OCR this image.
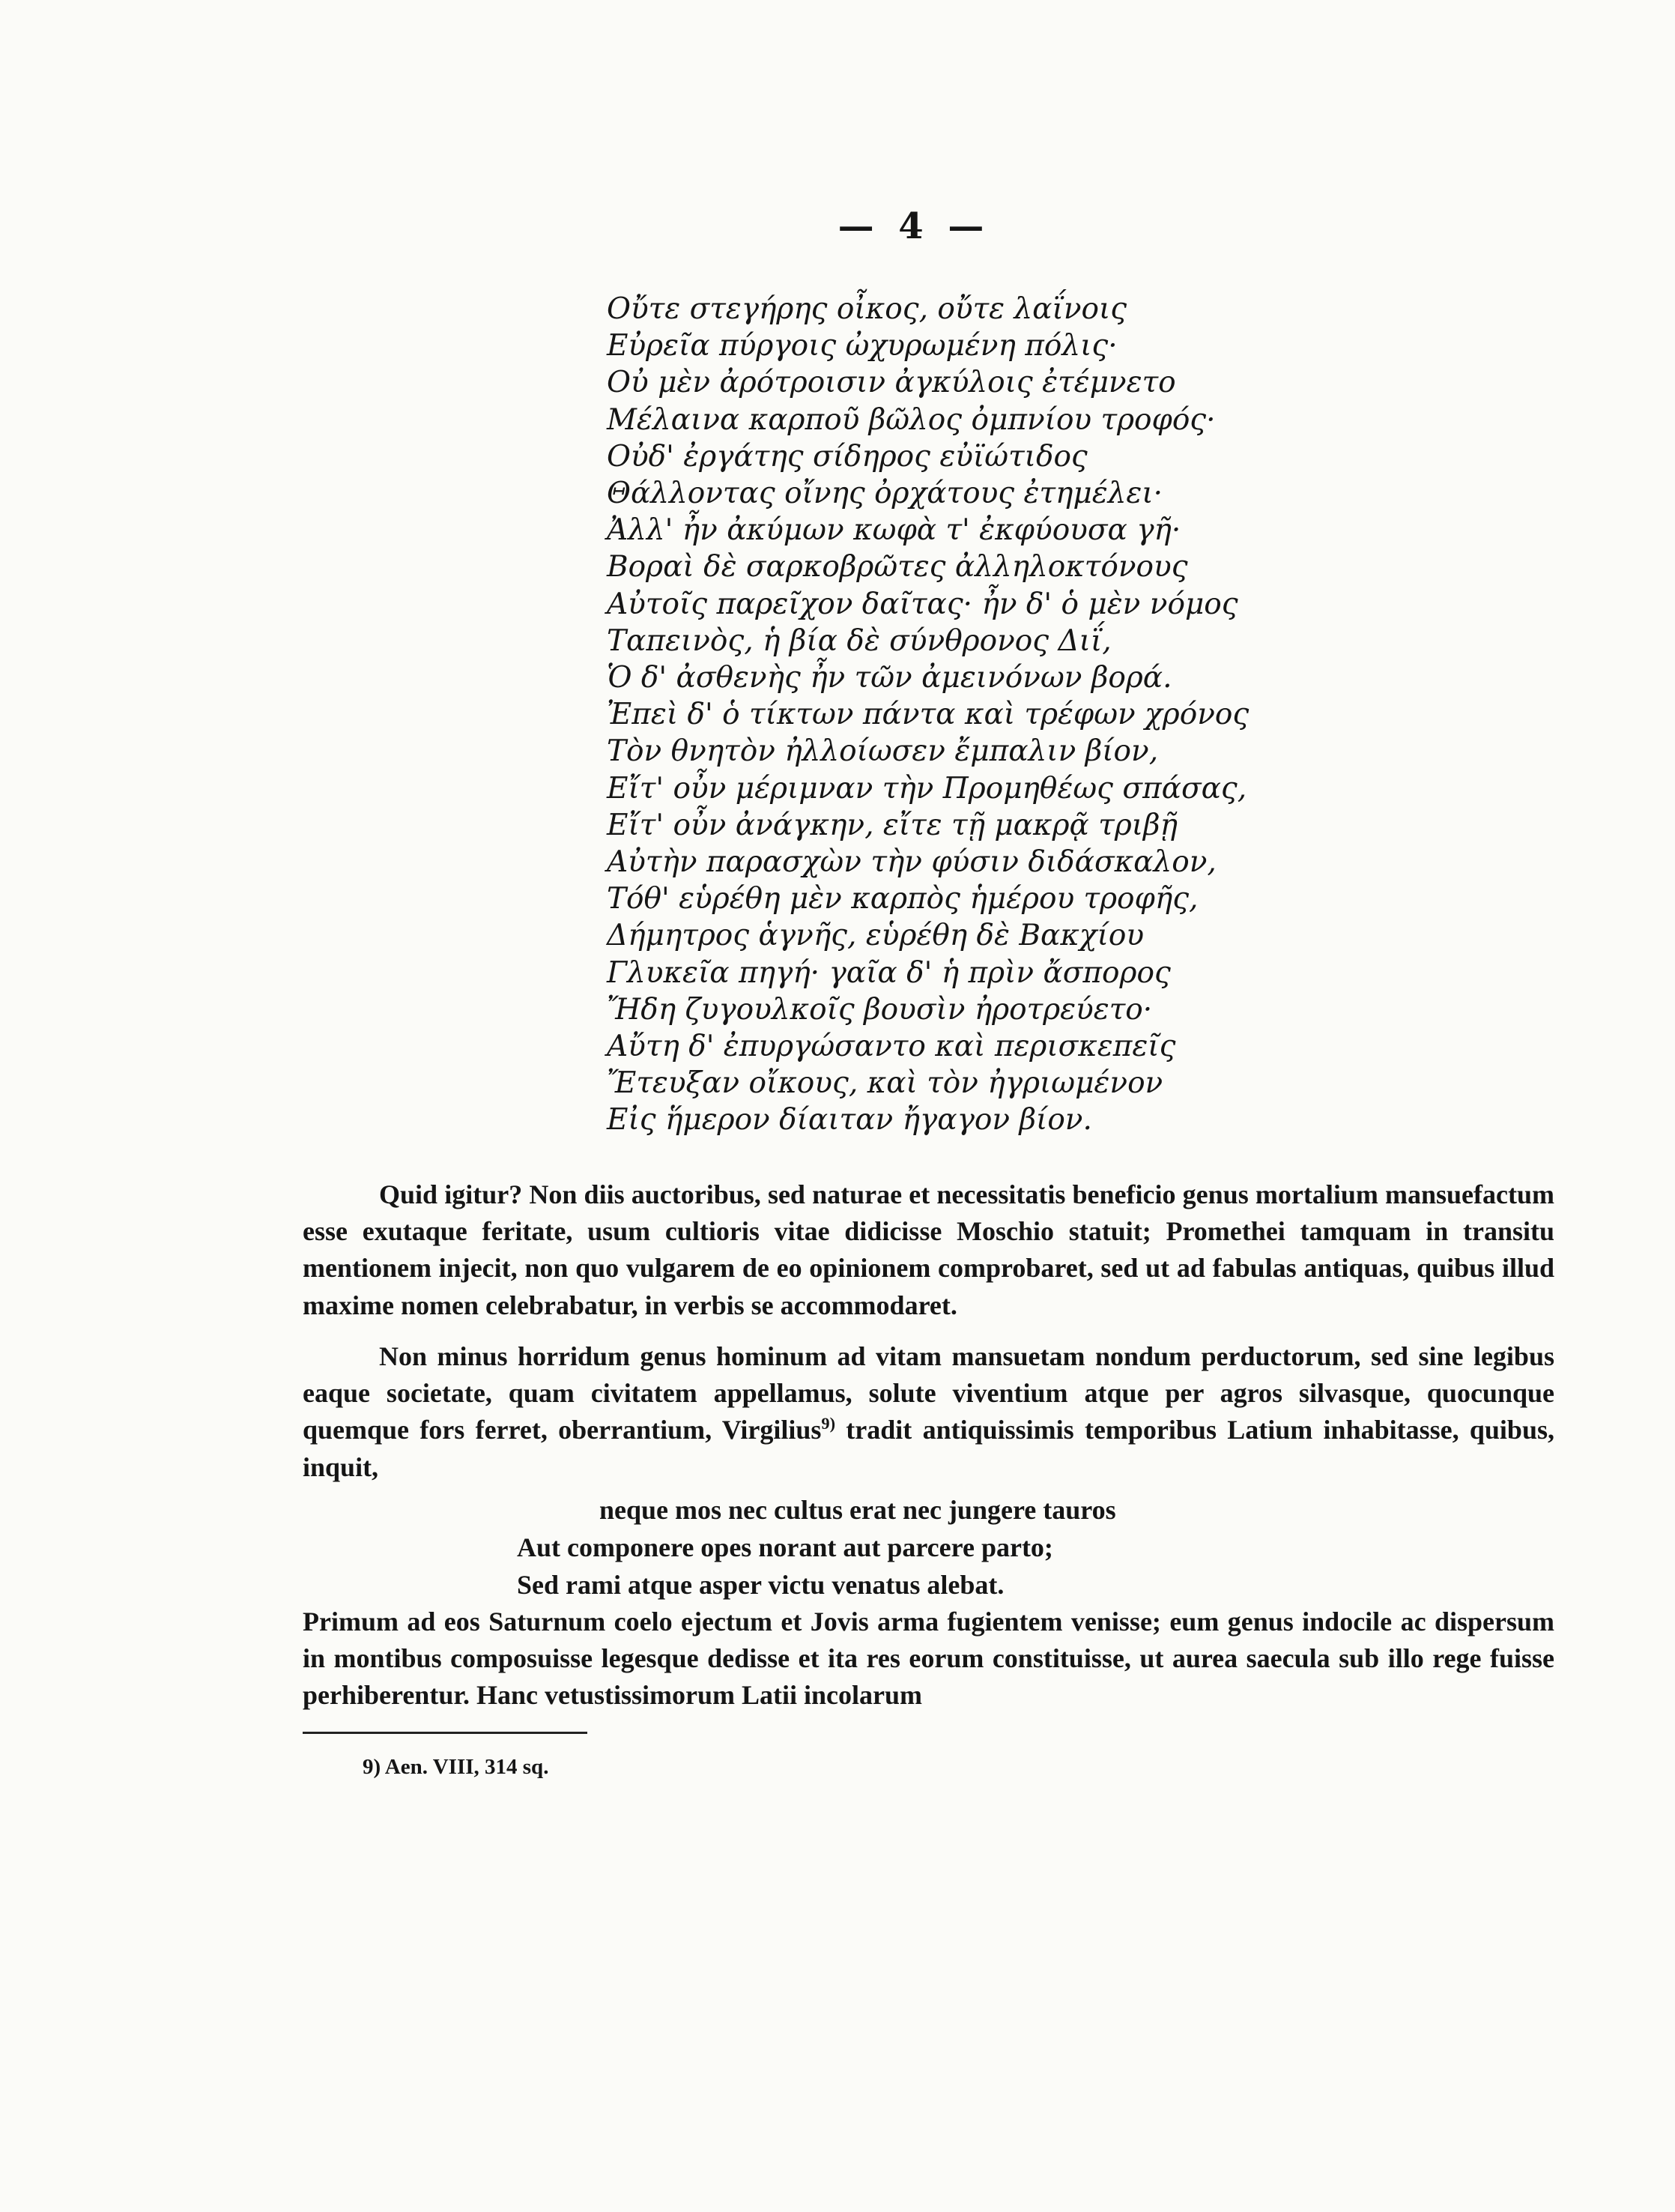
— 4 —
Οὔτε στεγήρης οἶκος, οὔτε λαΐνοις
Εὐρεῖα πύργοις ὠχυρωμένη πόλις·
Οὐ μὲν ἀρότροισιν ἀγκύλοις ἐτέμνετο
Μέλαινα καρποῦ βῶλος ὀμπνίου τροφός·
Οὐδ' ἐργάτης σίδηρος εὐϊώτιδος
Θάλλοντας οἴνης ὀρχάτους ἐτημέλει·
Ἀλλ' ἦν ἀκύμων κωφὰ τ' ἐκφύουσα γῆ·
Βοραὶ δὲ σαρκοβρῶτες ἀλληλοκτόνους
Αὐτοῖς παρεῖχον δαῖτας· ἦν δ' ὁ μὲν νόμος
Ταπεινὸς, ἡ βία δὲ σύνθρονος Διΐ,
Ὁ δ' ἀσθενὴς ἦν τῶν ἀμεινόνων βορά.
Ἐπεὶ δ' ὁ τίκτων πάντα καὶ τρέφων χρόνος
Τὸν θνητὸν ἠλλοίωσεν ἔμπαλιν βίον,
Εἴτ' οὖν μέριμναν τὴν Προμηθέως σπάσας,
Εἴτ' οὖν ἀνάγκην, εἴτε τῇ μακρᾷ τριβῇ
Αὐτὴν παρασχὼν τὴν φύσιν διδάσκαλον,
Τόθ' εὑρέθη μὲν καρπὸς ἡμέρου τροφῆς,
Δήμητρος ἁγνῆς, εὑρέθη δὲ Βακχίου
Γλυκεῖα πηγή· γαῖα δ' ἡ πρὶν ἄσπορος
Ἤδη ζυγουλκοῖς βουσὶν ἠροτρεύετο·
Αὔτη δ' ἐπυργώσαντο καὶ περισκεπεῖς
Ἔτευξαν οἴκους, καὶ τὸν ἠγριωμένον
Εἰς ἥμερον δίαιταν ἤγαγον βίον.

Quid igitur? Non diis auctoribus, sed naturae et necessitatis beneficio genus mortalium mansuefactum esse exutaque feritate, usum cultioris vitae didicisse Moschio statuit; Promethei tamquam in transitu mentionem injecit, non quo vulgarem de eo opinionem comprobaret, sed ut ad fabulas antiquas, quibus illud maxime nomen celebrabatur, in verbis se accommodaret.

Non minus horridum genus hominum ad vitam mansuetam nondum perductorum, sed sine legibus eaque societate, quam civitatem appellamus, solute viventium atque per agros silvasque, quocunque quemque fors ferret, oberrantium, Virgilius$^{9)}$ tradit antiquissimis temporibus Latium inhabitasse, quibus, inquit,

neque mos nec cultus erat nec jungere tauros
Aut componere opes norant aut parcere parto;
Sed rami atque asper victu venatus alebat.

Primum ad eos Saturnum coelo ejectum et Jovis arma fugientem venisse; eum genus indocile ac dispersum in montibus composuisse legesque dedisse et ita res eorum constituisse, ut aurea saecula sub illo rege fuisse perhiberentur. Hanc vetustissimorum Latii incolarum

9) Aen. VIII, 314 sq.
